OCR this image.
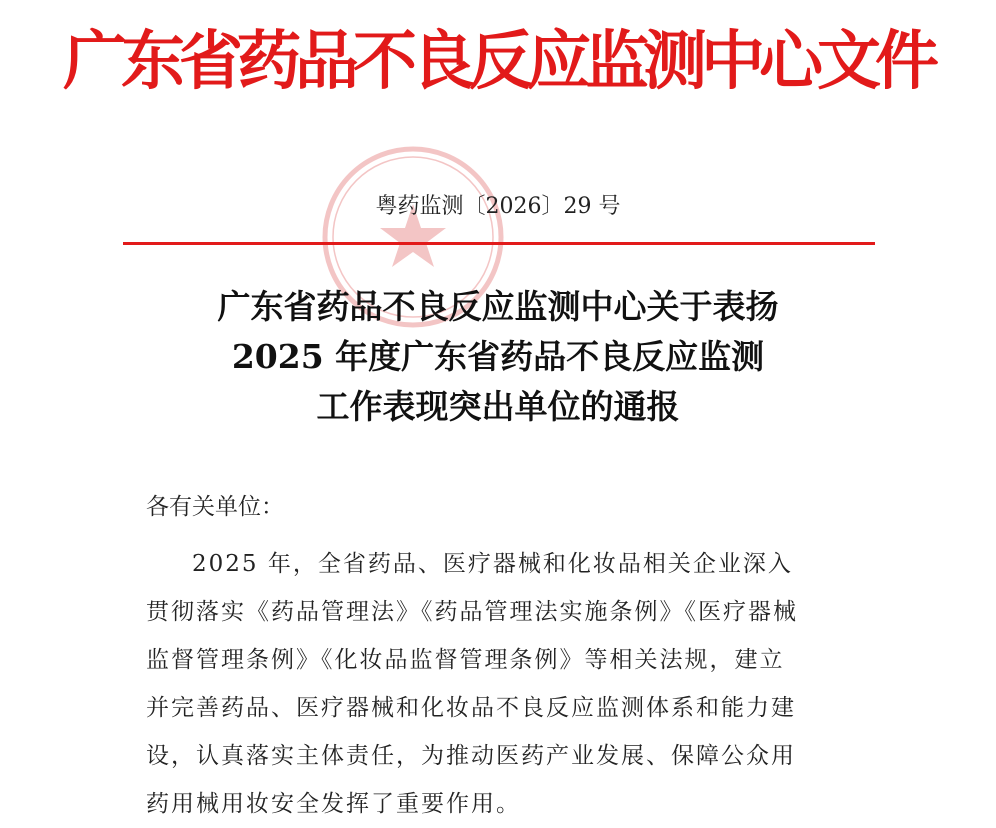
广东省药品不良反应监测中心文件
粤药监测〔2026〕29 号
广东省药品不良反应监测中心关于表扬
2025 年度广东省药品不良反应监测
工作表现突出单位的通报
各有关单位：
2025 年，全省药品、医疗器械和化妆品相关企业深入
贯彻落实《药品管理法》《药品管理法实施条例》《医疗器械
监督管理条例》《化妆品监督管理条例》等相关法规，建立
并完善药品、医疗器械和化妆品不良反应监测体系和能力建
设，认真落实主体责任，为推动医药产业发展、保障公众用
药用械用妆安全发挥了重要作用。
